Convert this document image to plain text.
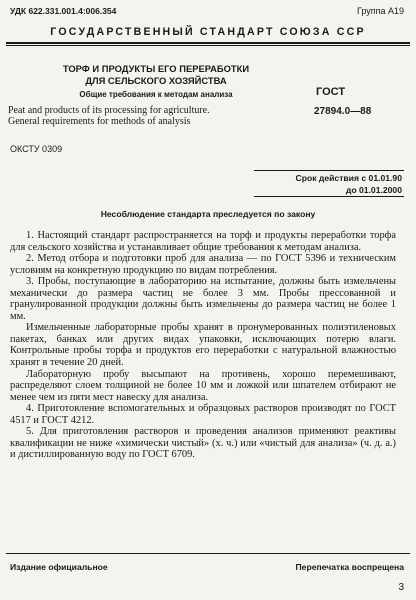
УДК 622.331.001.4:006.354	Группа А19
ГОСУДАРСТВЕННЫЙ СТАНДАРТ СОЮЗА ССР
ТОРФ И ПРОДУКТЫ ЕГО ПЕРЕРАБОТКИ
ДЛЯ СЕЛЬСКОГО ХОЗЯЙСТВА
Общие требования к методам анализа
Peat and products of its processing for agriculture.
General requirements for methods of analysis
ГОСТ
27894.0—88
ОКСТУ 0309
Срок действия с 01.01.90
до 01.01.2000
Несоблюдение стандарта преследуется по закону

1. Настоящий стандарт распространяется на торф и продукты переработки торфа для сельского хозяйства и устанавливает общие требования к методам анализа.

2. Метод отбора и подготовки проб для анализа — по ГОСТ 5396 и техническим условиям на конкретную продукцию по видам потребления.

3. Пробы, поступающие в лабораторию на испытание, должны быть измельчены механически до размера частиц не более 3 мм. Пробы прессованной и гранулированной продукции должны быть измельчены до размера частиц не более 1 мм.

Измельченные лабораторные пробы хранят в пронумерованных полиэтиленовых пакетах, банках или других видах упаковки, исключающих потерю влаги. Контрольные пробы торфа и продуктов его переработки с натуральной влажностью хранят в течение 20 дней.

Лабораторную пробу высыпают на противень, хорошо перемешивают, распределяют слоем толщиной не более 10 мм и ложкой или шпателем отбирают не менее чем из пяти мест навеску для анализа.

4. Приготовление вспомогательных и образцовых растворов производят по ГОСТ 4517 и ГОСТ 4212.

5. Для приготовления растворов и проведения анализов применяют реактивы квалификации не ниже «химически чистый» (х. ч.) или «чистый для анализа» (ч. д. а.) и дистиллированную воду по ГОСТ 6709.

Издание официальное	Перепечатка воспрещена
3
